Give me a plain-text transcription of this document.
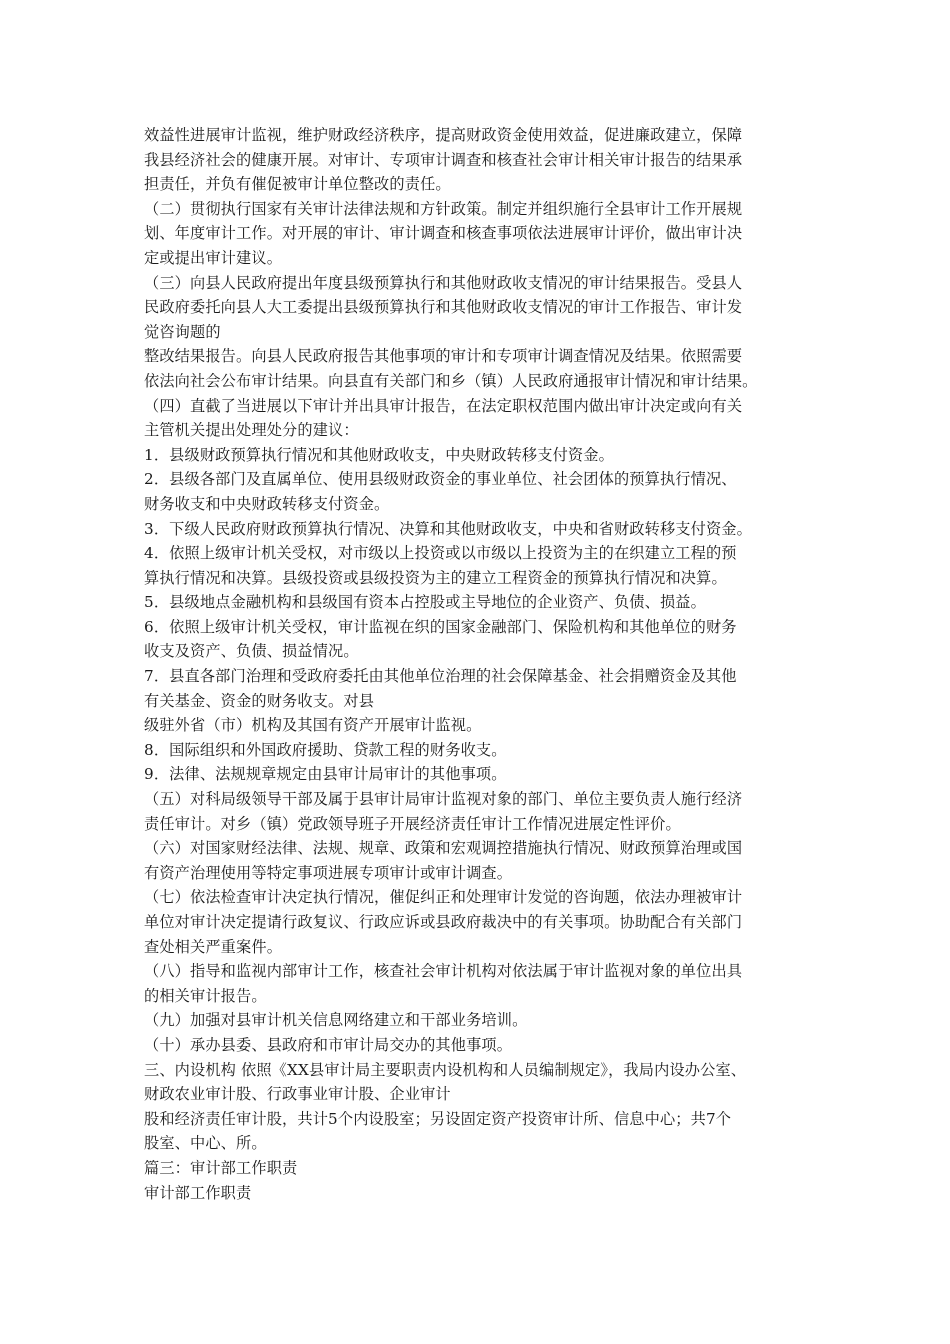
效益性进展审计监视，维护财政经济秩序，提高财政资金使用效益，促进廉政建立，保障
我县经济社会的健康开展。对审计、专项审计调查和核查社会审计相关审计报告的结果承
担责任，并负有催促被审计单位整改的责任。
（二）贯彻执行国家有关审计法律法规和方针政策。制定并组织施行全县审计工作开展规
划、年度审计工作。对开展的审计、审计调查和核查事项依法进展审计评价，做出审计决
定或提出审计建议。
（三）向县人民政府提出年度县级预算执行和其他财政收支情况的审计结果报告。受县人
民政府委托向县人大工委提出县级预算执行和其他财政收支情况的审计工作报告、审计发
觉咨询题的
整改结果报告。向县人民政府报告其他事项的审计和专项审计调查情况及结果。依照需要
依法向社会公布审计结果。向县直有关部门和乡（镇）人民政府通报审计情况和审计结果。
（四）直截了当进展以下审计并出具审计报告，在法定职权范围内做出审计决定或向有关
主管机关提出处理处分的建议：
1．县级财政预算执行情况和其他财政收支，中央财政转移支付资金。
2．县级各部门及直属单位、使用县级财政资金的事业单位、社会团体的预算执行情况、
财务收支和中央财政转移支付资金。
3．下级人民政府财政预算执行情况、决算和其他财政收支，中央和省财政转移支付资金。
4．依照上级审计机关受权，对市级以上投资或以市级以上投资为主的在织建立工程的预
算执行情况和决算。县级投资或县级投资为主的建立工程资金的预算执行情况和决算。
5．县级地点金融机构和县级国有资本占控股或主导地位的企业资产、负债、损益。
6．依照上级审计机关受权，审计监视在织的国家金融部门、保险机构和其他单位的财务
收支及资产、负债、损益情况。
7．县直各部门治理和受政府委托由其他单位治理的社会保障基金、社会捐赠资金及其他
有关基金、资金的财务收支。对县
级驻外省（市）机构及其国有资产开展审计监视。
8．国际组织和外国政府援助、贷款工程的财务收支。
9．法律、法规规章规定由县审计局审计的其他事项。
（五）对科局级领导干部及属于县审计局审计监视对象的部门、单位主要负责人施行经济
责任审计。对乡（镇）党政领导班子开展经济责任审计工作情况进展定性评价。
（六）对国家财经法律、法规、规章、政策和宏观调控措施执行情况、财政预算治理或国
有资产治理使用等特定事项进展专项审计或审计调查。
（七）依法检查审计决定执行情况，催促纠正和处理审计发觉的咨询题，依法办理被审计
单位对审计决定提请行政复议、行政应诉或县政府裁决中的有关事项。协助配合有关部门
查处相关严重案件。
（八）指导和监视内部审计工作，核查社会审计机构对依法属于审计监视对象的单位出具
的相关审计报告。
（九）加强对县审计机关信息网络建立和干部业务培训。
（十）承办县委、县政府和市审计局交办的其他事项。
三、内设机构 依照《XX县审计局主要职责内设机构和人员编制规定》，我局内设办公室、
财政农业审计股、行政事业审计股、企业审计
股和经济责任审计股，共计5个内设股室；另设固定资产投资审计所、信息中心；共7个
股室、中心、所。
篇三：审计部工作职责
审计部工作职责
